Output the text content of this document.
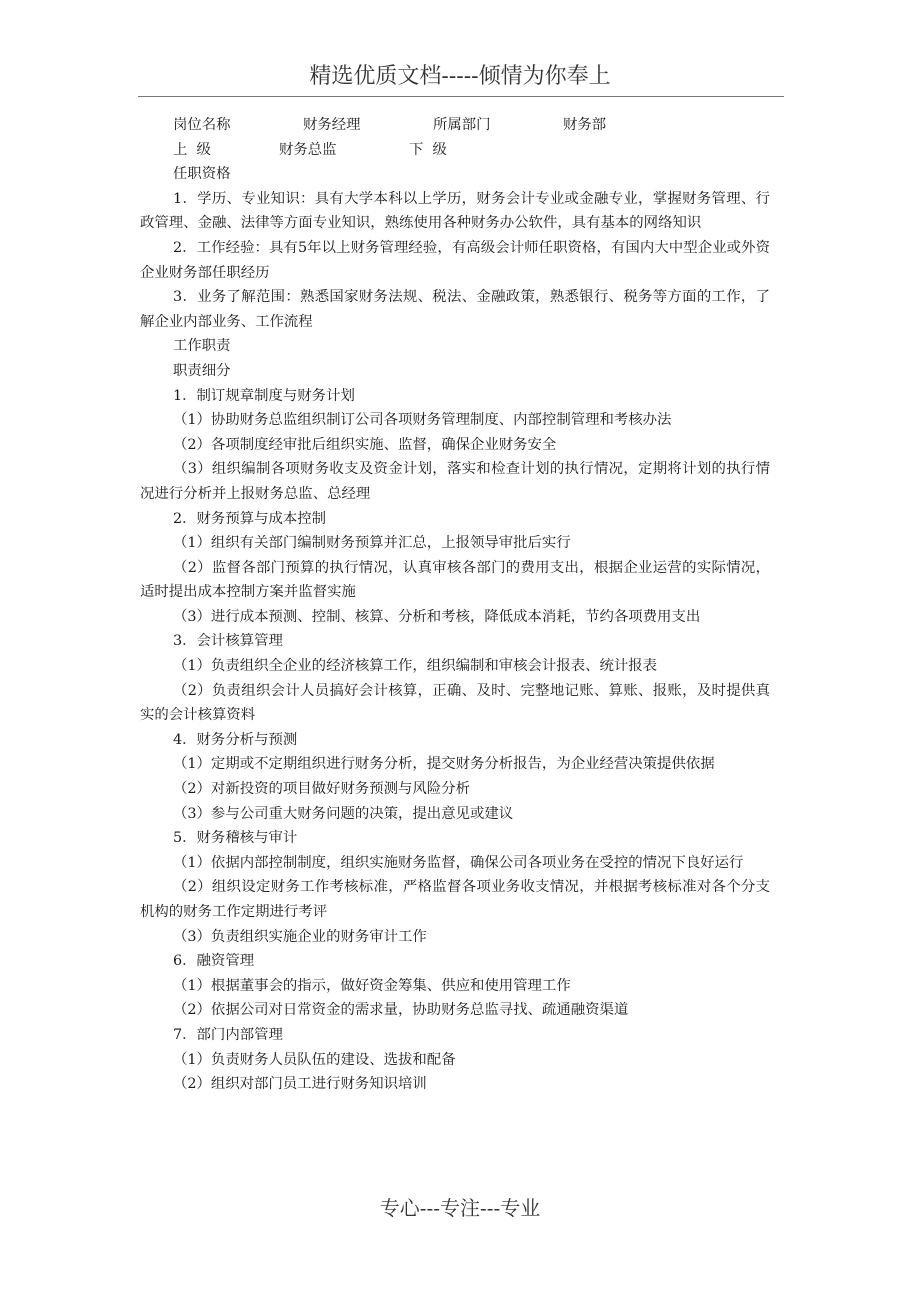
精选优质文档-----倾情为你奉上
岗位名称	财务经理	所属部门	财务部
上  级	财务总监	下  级
任职资格

1．学历、专业知识：具有大学本科以上学历，财务会计专业或金融专业，掌握财务管理、行政管理、金融、法律等方面专业知识，熟练使用各种财务办公软件，具有基本的网络知识

2．工作经验：具有5年以上财务管理经验，有高级会计师任职资格，有国内大中型企业或外资企业财务部任职经历

3．业务了解范围：熟悉国家财务法规、税法、金融政策，熟悉银行、税务等方面的工作，了解企业内部业务、工作流程

工作职责
职责细分
1．制订规章制度与财务计划

（1）协助财务总监组织制订公司各项财务管理制度、内部控制管理和考核办法

（2）各项制度经审批后组织实施、监督，确保企业财务安全

（3）组织编制各项财务收支及资金计划，落实和检查计划的执行情况，定期将计划的执行情况进行分析并上报财务总监、总经理

2．财务预算与成本控制

（1）组织有关部门编制财务预算并汇总，上报领导审批后实行

（2）监督各部门预算的执行情况，认真审核各部门的费用支出，根据企业运营的实际情况，适时提出成本控制方案并监督实施

（3）进行成本预测、控制、核算、分析和考核，降低成本消耗，节约各项费用支出

3．会计核算管理

（1）负责组织全企业的经济核算工作，组织编制和审核会计报表、统计报表

（2）负责组织会计人员搞好会计核算，正确、及时、完整地记账、算账、报账，及时提供真实的会计核算资料

4．财务分析与预测

（1）定期或不定期组织进行财务分析，提交财务分析报告，为企业经营决策提供依据

（2）对新投资的项目做好财务预测与风险分析

（3）参与公司重大财务问题的决策，提出意见或建议

5．财务稽核与审计

（1）依据内部控制制度，组织实施财务监督，确保公司各项业务在受控的情况下良好运行

（2）组织设定财务工作考核标准，严格监督各项业务收支情况，并根据考核标准对各个分支机构的财务工作定期进行考评

（3）负责组织实施企业的财务审计工作

6．融资管理

（1）根据董事会的指示，做好资金筹集、供应和使用管理工作

（2）依据公司对日常资金的需求量，协助财务总监寻找、疏通融资渠道

7．部门内部管理

（1）负责财务人员队伍的建设、选拔和配备

（2）组织对部门员工进行财务知识培训

专心---专注---专业
